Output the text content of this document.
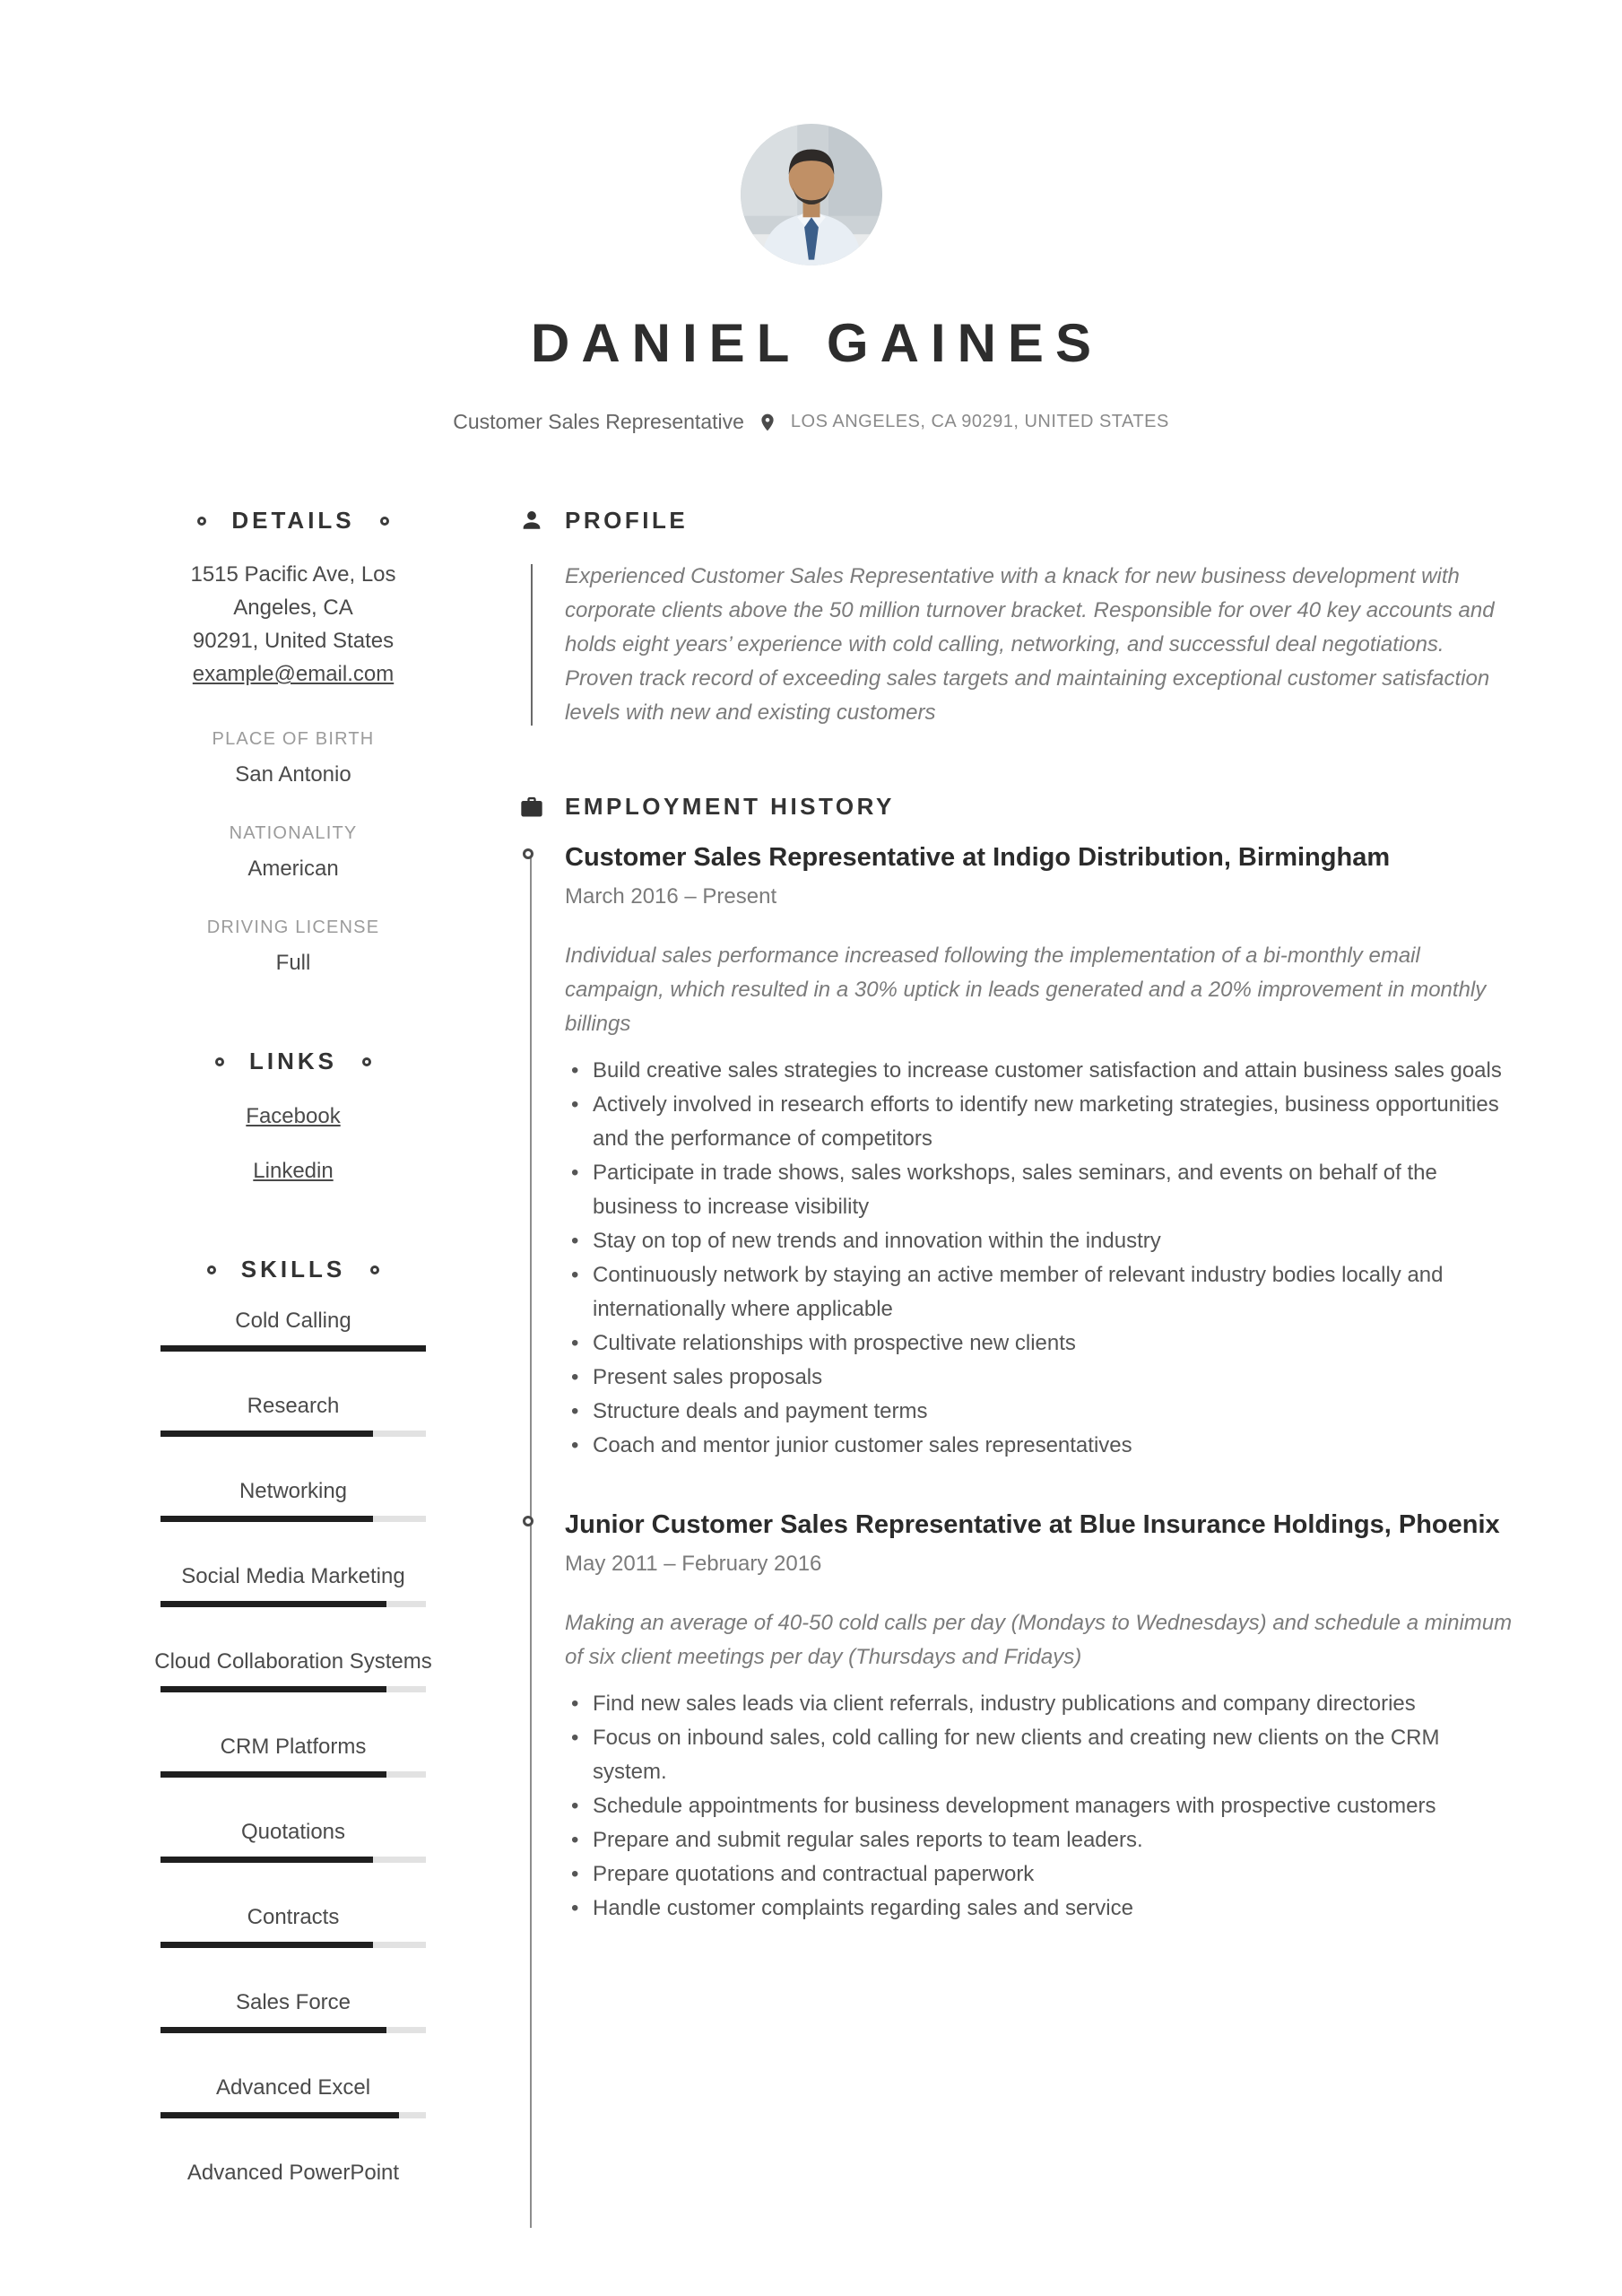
DANIEL GAINES
Customer Sales Representative	LOS ANGELES, CA 90291, UNITED STATES
DETAILS

1515 Pacific Ave, Los Angeles, CA
90291, United States

example@email.com
PLACE OF BIRTH
San Antonio
NATIONALITY
American
DRIVING LICENSE
Full
LINKS
Facebook
Linkedin
SKILLS
Cold Calling
Research
Networking
Social Media Marketing
Cloud Collaboration Systems
CRM Platforms
Quotations
Contracts
Sales Force
Advanced Excel
Advanced PowerPoint
PROFILE

Experienced Customer Sales Representative with a knack for new business development with corporate clients above the 50 million turnover bracket. Responsible for over 40 key accounts and holds eight years’ experience with cold calling, networking, and successful deal negotiations. Proven track record of exceeding sales targets and maintaining exceptional customer satisfaction levels with new and existing customers

EMPLOYMENT HISTORY
Customer Sales Representative at Indigo Distribution, Birmingham
March 2016 – Present

Individual sales performance increased following the implementation of a bi-monthly email campaign, which resulted in a 30% uptick in leads generated and a 20% improvement in monthly billings

• Build creative sales strategies to increase customer satisfaction and attain business sales goals
• Actively involved in research efforts to identify new marketing strategies, business opportunities and the performance of competitors
• Participate in trade shows, sales workshops, sales seminars, and events on behalf of the business to increase visibility
• Stay on top of new trends and innovation within the industry
• Continuously network by staying an active member of relevant industry bodies locally and internationally where applicable
• Cultivate relationships with prospective new clients
• Present sales proposals
• Structure deals and payment terms
• Coach and mentor junior customer sales representatives
Junior Customer Sales Representative at Blue Insurance Holdings, Phoenix
May 2011 – February 2016

Making an average of 40-50 cold calls per day (Mondays to Wednesdays) and schedule a minimum of six client meetings per day (Thursdays and Fridays)

• Find new sales leads via client referrals, industry publications and company directories
• Focus on inbound sales, cold calling for new clients and creating new clients on the CRM system.
• Schedule appointments for business development managers with prospective customers
• Prepare and submit regular sales reports to team leaders.
• Prepare quotations and contractual paperwork
• Handle customer complaints regarding sales and service
